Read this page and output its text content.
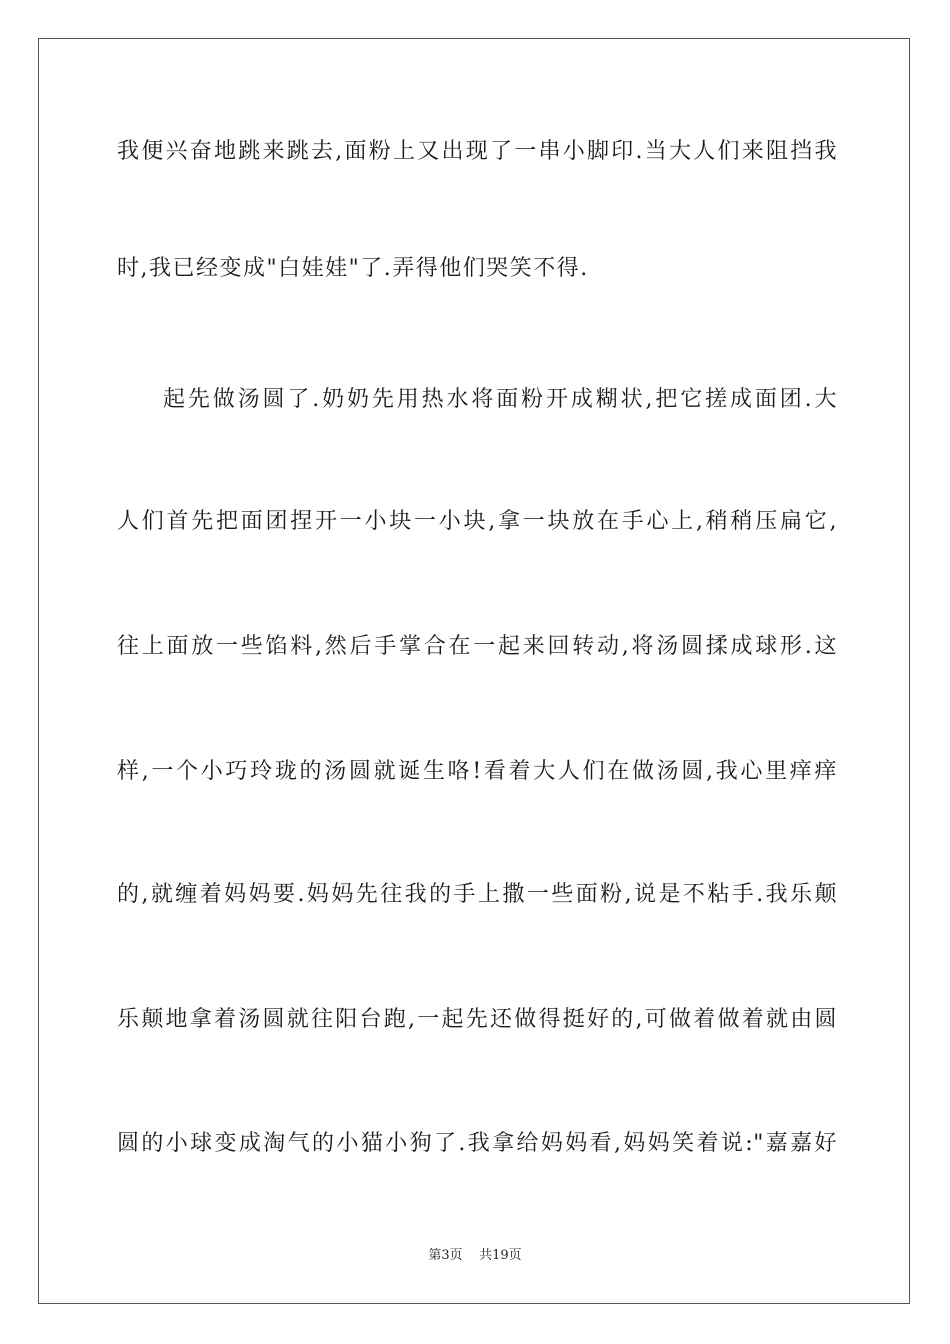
我便兴奋地跳来跳去,面粉上又出现了一串小脚印.当大人们来阻挡我
时,我已经变成"白娃娃"了.弄得他们哭笑不得.
起先做汤圆了.奶奶先用热水将面粉开成糊状,把它搓成面团.大
人们首先把面团捏开一小块一小块,拿一块放在手心上,稍稍压扁它,
往上面放一些馅料,然后手掌合在一起来回转动,将汤圆揉成球形.这
样,一个小巧玲珑的汤圆就诞生咯!看着大人们在做汤圆,我心里痒痒
的,就缠着妈妈要.妈妈先往我的手上撒一些面粉,说是不粘手.我乐颠
乐颠地拿着汤圆就往阳台跑,一起先还做得挺好的,可做着做着就由圆
圆的小球变成淘气的小猫小狗了.我拿给妈妈看,妈妈笑着说:"嘉嘉好
第3页 共19页
